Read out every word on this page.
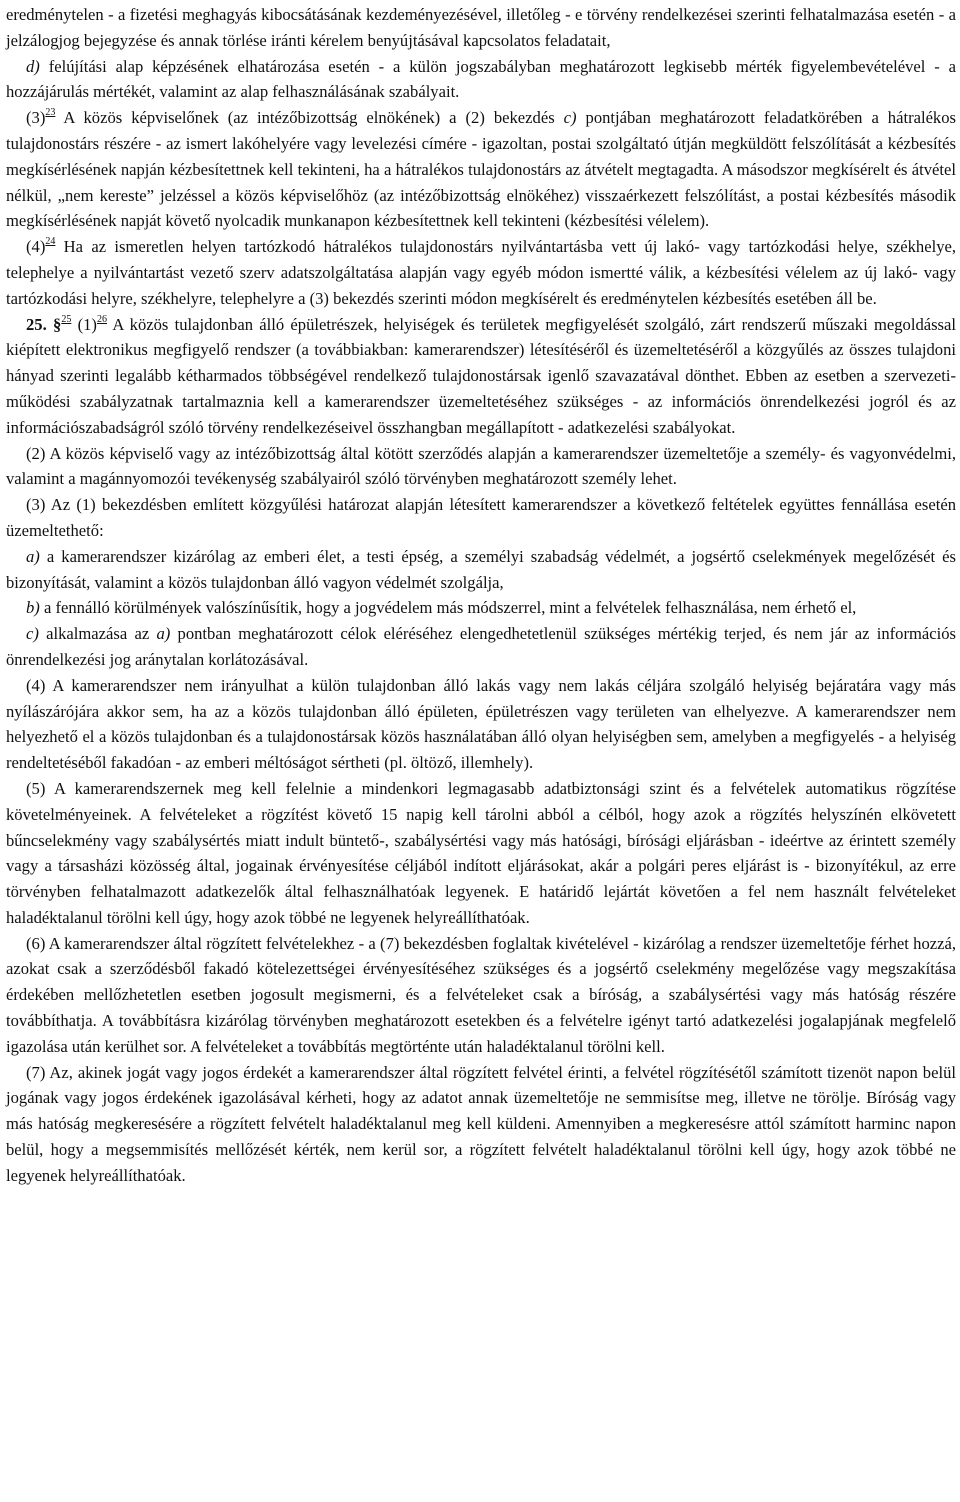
eredménytelen - a fizetési meghagyás kibocsátásának kezdeményezésével, illetőleg - e törvény rendelkezései szerinti felhatalmazása esetén - a jelzálogjog bejegyzése és annak törlése iránti kérelem benyújtásával kapcsolatos feladatait,

d) felújítási alap képzésének elhatározása esetén - a külön jogszabályban meghatározott legkisebb mérték figyelembevételével - a hozzájárulás mértékét, valamint az alap felhasználásának szabályait.

(3)$^{23}$ A közös képviselőnek (az intézőbizottság elnökének) a (2) bekezdés c) pontjában meghatározott feladatkörében a hátralékos tulajdonostárs részére - az ismert lakóhelyére vagy levelezési címére - igazoltan, postai szolgáltató útján megküldött felszólítását a kézbesítés megkísérlésének napján kézbesítettnek kell tekinteni, ha a hátralékos tulajdonostárs az átvételt megtagadta. A másodszor megkísérelt és átvétel nélkül, „nem kereste” jelzéssel a közös képviselőhöz (az intézőbizottság elnökéhez) visszaérkezett felszólítást, a postai kézbesítés második megkísérlésének napját követő nyolcadik munkanapon kézbesítettnek kell tekinteni (kézbesítési vélelem).

(4)$^{24}$ Ha az ismeretlen helyen tartózkodó hátralékos tulajdonostárs nyilvántartásba vett új lakó- vagy tartózkodási helye, székhelye, telephelye a nyilvántartást vezető szerv adatszolgáltatása alapján vagy egyéb módon ismertté válik, a kézbesítési vélelem az új lakó- vagy tartózkodási helyre, székhelyre, telephelyre a (3) bekezdés szerinti módon megkísérelt és eredménytelen kézbesítés esetében áll be.

25. §$^{25}$ (1)$^{26}$ A közös tulajdonban álló épületrészek, helyiségek és területek megfigyelését szolgáló, zárt rendszerű műszaki megoldással kiépített elektronikus megfigyelő rendszer (a továbbiakban: kamerarendszer) létesítéséről és üzemeltetéséről a közgyűlés az összes tulajdoni hányad szerinti legalább kétharmados többségével rendelkező tulajdonostársak igenlő szavazatával dönthet. Ebben az esetben a szervezeti-működési szabályzatnak tartalmaznia kell a kamerarendszer üzemeltetéséhez szükséges - az információs önrendelkezési jogról és az információszabadságról szóló törvény rendelkezéseivel összhangban megállapított - adatkezelési szabályokat.

(2) A közös képviselő vagy az intézőbizottság által kötött szerződés alapján a kamerarendszer üzemeltetője a személy- és vagyonvédelmi, valamint a magánnyomozói tevékenység szabályairól szóló törvényben meghatározott személy lehet.

(3) Az (1) bekezdésben említett közgyűlési határozat alapján létesített kamerarendszer a következő feltételek együttes fennállása esetén üzemeltethető:

a) a kamerarendszer kizárólag az emberi élet, a testi épség, a személyi szabadság védelmét, a jogsértő cselekmények megelőzését és bizonyítását, valamint a közös tulajdonban álló vagyon védelmét szolgálja,

b) a fennálló körülmények valószínűsítik, hogy a jogvédelem más módszerrel, mint a felvételek felhasználása, nem érhető el,

c) alkalmazása az a) pontban meghatározott célok eléréséhez elengedhetetlenül szükséges mértékig terjed, és nem jár az információs önrendelkezési jog aránytalan korlátozásával.

(4) A kamerarendszer nem irányulhat a külön tulajdonban álló lakás vagy nem lakás céljára szolgáló helyiség bejáratára vagy más nyílászárójára akkor sem, ha az a közös tulajdonban álló épületen, épületrészen vagy területen van elhelyezve. A kamerarendszer nem helyezhető el a közös tulajdonban és a tulajdonostársak közös használatában álló olyan helyiségben sem, amelyben a megfigyelés - a helyiség rendeltetéséből fakadóan - az emberi méltóságot sértheti (pl. öltöző, illemhely).

(5) A kamerarendszernek meg kell felelnie a mindenkori legmagasabb adatbiztonsági szint és a felvételek automatikus rögzítése követelményeinek. A felvételeket a rögzítést követő 15 napig kell tárolni abból a célból, hogy azok a rögzítés helyszínén elkövetett bűncselekmény vagy szabálysértés miatt indult büntető-, szabálysértési vagy más hatósági, bírósági eljárásban - ideértve az érintett személy vagy a társasházi közösség által, jogainak érvényesítése céljából indított eljárásokat, akár a polgári peres eljárást is - bizonyítékul, az erre törvényben felhatalmazott adatkezelők által felhasználhatóak legyenek. E határidő lejártát követően a fel nem használt felvételeket haladéktalanul törölni kell úgy, hogy azok többé ne legyenek helyreállíthatóak.

(6) A kamerarendszer által rögzített felvételekhez - a (7) bekezdésben foglaltak kivételével - kizárólag a rendszer üzemeltetője férhet hozzá, azokat csak a szerződésből fakadó kötelezettségei érvényesítéséhez szükséges és a jogsértő cselekmény megelőzése vagy megszakítása érdekében mellőzhetetlen esetben jogosult megismerni, és a felvételeket csak a bíróság, a szabálysértési vagy más hatóság részére továbbíthatja. A továbbításra kizárólag törvényben meghatározott esetekben és a felvételre igényt tartó adatkezelési jogalapjának megfelelő igazolása után kerülhet sor. A felvételeket a továbbítás megtörténte után haladéktalanul törölni kell.

(7) Az, akinek jogát vagy jogos érdekét a kamerarendszer által rögzített felvétel érinti, a felvétel rögzítésétől számított tizenöt napon belül jogának vagy jogos érdekének igazolásával kérheti, hogy az adatot annak üzemeltetője ne semmisítse meg, illetve ne törölje. Bíróság vagy más hatóság megkeresésére a rögzített felvételt haladéktalanul meg kell küldeni. Amennyiben a megkeresésre attól számított harminc napon belül, hogy a megsemmisítés mellőzését kérték, nem kerül sor, a rögzített felvételt haladéktalanul törölni kell úgy, hogy azok többé ne legyenek helyreállíthatóak.
